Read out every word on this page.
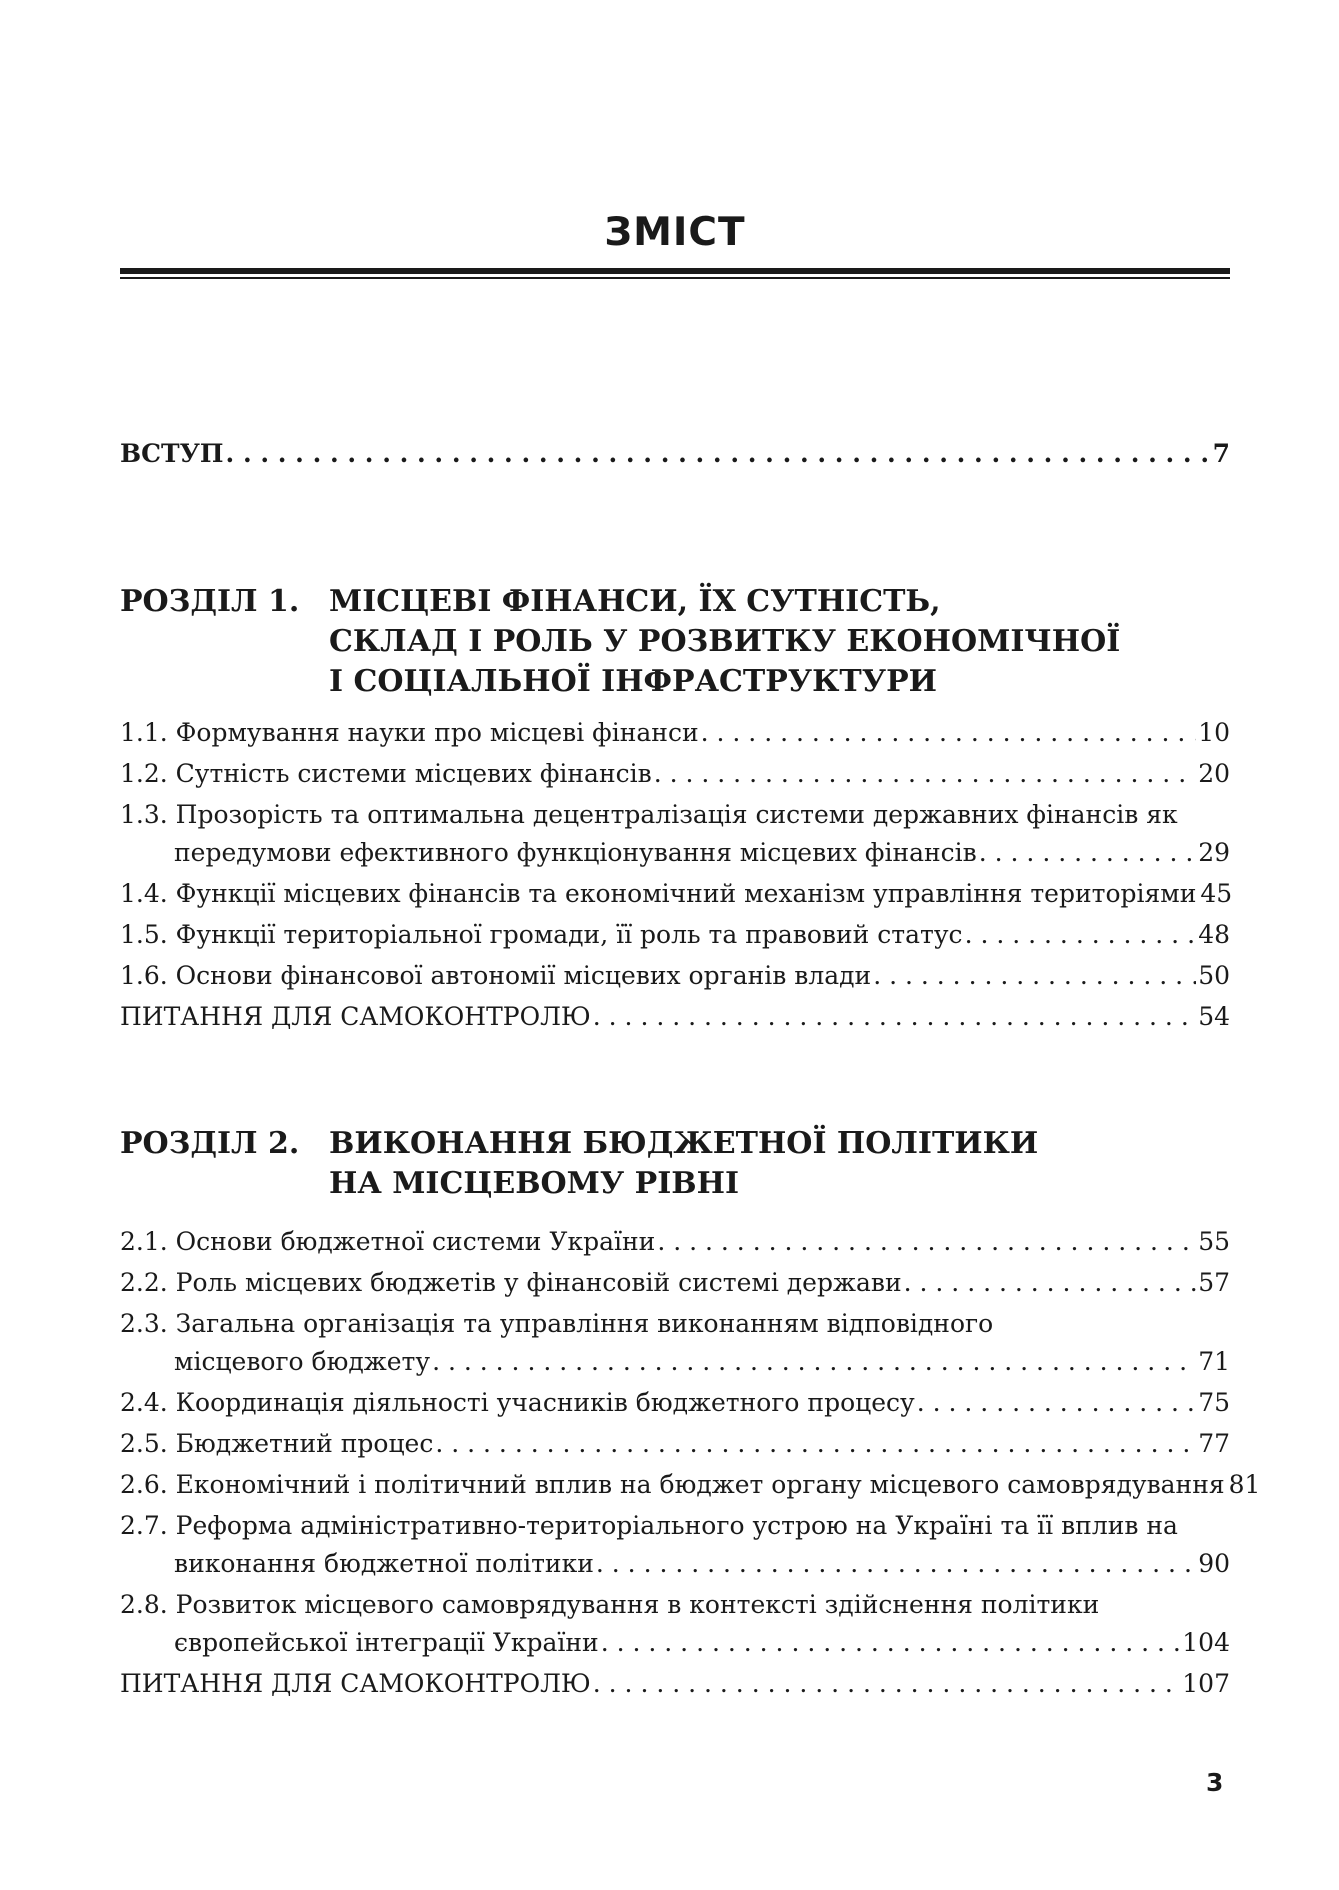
ЗМІСТ
ВСТУП . . .	7
РОЗДІЛ 1. МІСЦЕВІ ФІНАНСИ, ЇХ СУТНІСТЬ,
СКЛАД І РОЛЬ У РОЗВИТКУ ЕКОНОМІЧНОЇ
І СОЦІАЛЬНОЇ ІНФРАСТРУКТУРИ
1.1. Формування науки про місцеві фінанси . . .	10
1.2. Сутність системи місцевих фінансів . . .	20
1.3. Прозорість та оптимальна децентралізація системи державних фінансів як
передумови ефективного функціонування місцевих фінансів . . .	29
1.4. Функції місцевих фінансів та економічний механізм управління територіями 45
1.5. Функції територіальної громади, її роль та правовий статус . . .	48
1.6. Основи фінансової автономії місцевих органів влади . . .	50
ПИТАННЯ ДЛЯ САМОКОНТРОЛЮ . . .	54
РОЗДІЛ 2. ВИКОНАННЯ БЮДЖЕТНОЇ ПОЛІТИКИ
НА МІСЦЕВОМУ РІВНІ
2.1. Основи бюджетної системи України . . .	55
2.2. Роль місцевих бюджетів у фінансовій системі держави . . .	57
2.3. Загальна організація та управління виконанням відповідного
місцевого бюджету . . .	71
2.4. Координація діяльності учасників бюджетного процесу . . .	75
2.5. Бюджетний процес . . .	77
2.6. Економічний і політичний вплив на бюджет органу місцевого самоврядування 81
2.7. Реформа адміністративно-територіального устрою на Україні та її вплив на
виконання бюджетної політики . . .	90
2.8. Розвиток місцевого самоврядування в контексті здійснення політики
європейської інтеграції України . . .	104
ПИТАННЯ ДЛЯ САМОКОНТРОЛЮ . . .	107
3
